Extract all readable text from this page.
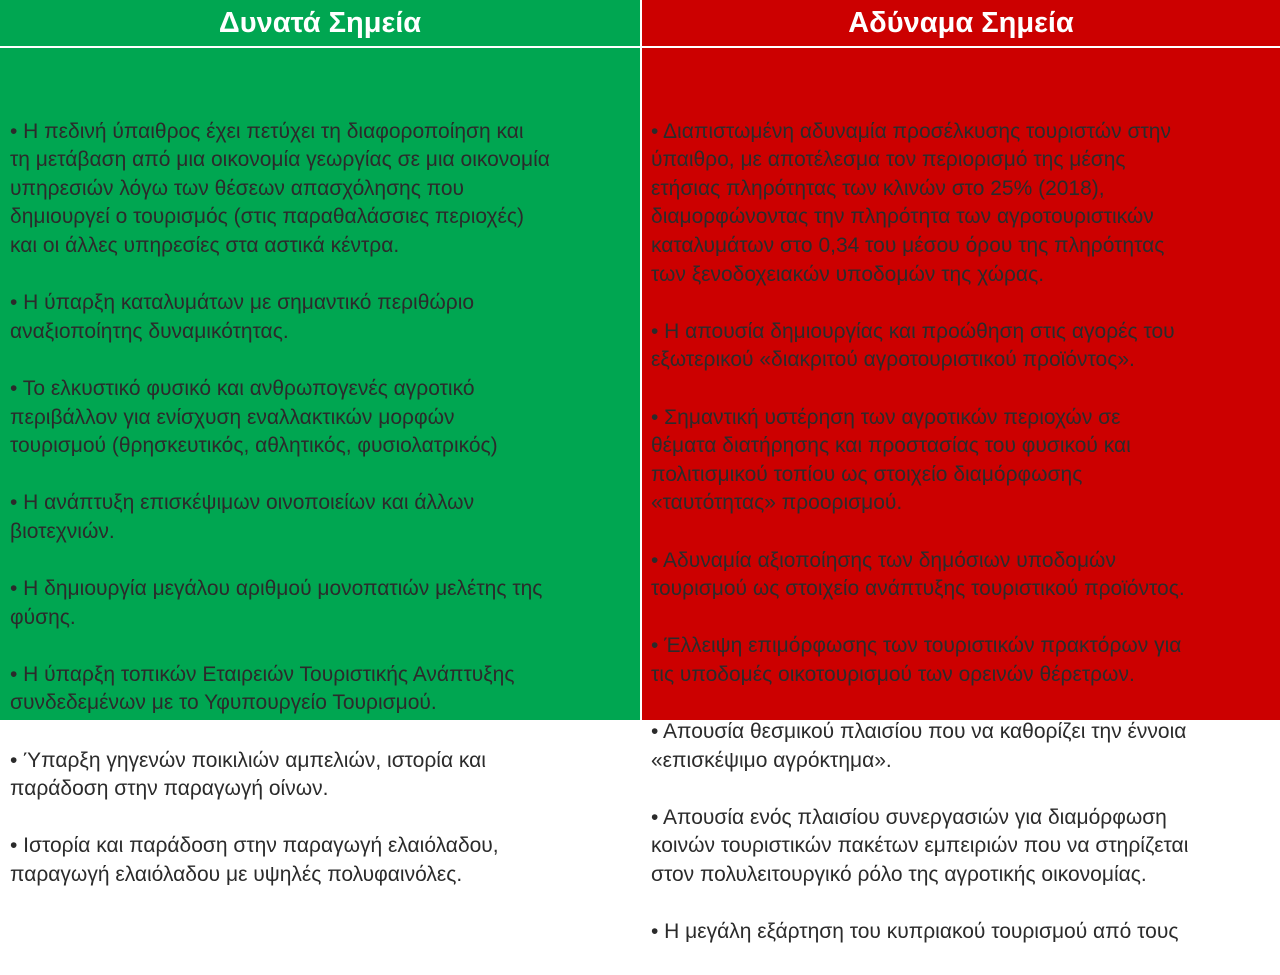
Δυνατά Σημεία	Αδύναμα Σημεία

• Η πεδινή ύπαιθρος έχει πετύχει τη διαφοροποίηση και
τη μετάβαση από μια οικονομία γεωργίας σε μια οικονομία
υπηρεσιών λόγω των θέσεων απασχόλησης που
δημιουργεί ο τουρισμός (στις παραθαλάσσιες περιοχές)
και οι άλλες υπηρεσίες στα αστικά κέντρα.

• Η ύπαρξη καταλυμάτων με σημαντικό περιθώριο
αναξιοποίητης δυναμικότητας.

• Το ελκυστικό φυσικό και ανθρωπογενές αγροτικό
περιβάλλον για ενίσχυση εναλλακτικών μορφών
τουρισμού (θρησκευτικός, αθλητικός, φυσιολατρικός)

• Η ανάπτυξη επισκέψιμων οινοποιείων και άλλων
βιοτεχνιών.

• Η δημιουργία μεγάλου αριθμού μονοπατιών μελέτης της
φύσης.

• Η ύπαρξη τοπικών Εταιρειών Τουριστικής Ανάπτυξης
συνδεδεμένων με το Υφυπουργείο Τουρισμού.

• Ύπαρξη γηγενών ποικιλιών αμπελιών, ιστορία και
παράδοση στην παραγωγή οίνων.

• Ιστορία και παράδοση στην παραγωγή ελαιόλαδου,
παραγωγή ελαιόλαδου με υψηλές πολυφαινόλες.

• Διαπιστωμένη αδυναμία προσέλκυσης τουριστών στην
ύπαιθρο, με αποτέλεσμα τον περιορισμό της μέσης
ετήσιας πληρότητας των κλινών στο 25% (2018),
διαμορφώνοντας την πληρότητα των αγροτουριστικών
καταλυμάτων στο 0,34 του μέσου όρου της πληρότητας
των ξενοδοχειακών υποδομών της χώρας.

• Η απουσία δημιουργίας και προώθηση στις αγορές του
εξωτερικού «διακριτού αγροτουριστικού προϊόντος».

• Σημαντική υστέρηση των αγροτικών περιοχών σε
θέματα διατήρησης και προστασίας του φυσικού και
πολιτισμικού τοπίου ως στοιχείο διαμόρφωσης
«ταυτότητας» προορισμού.

• Αδυναμία αξιοποίησης των δημόσιων υποδομών
τουρισμού ως στοιχείο ανάπτυξης τουριστικού προϊόντος.

• Έλλειψη επιμόρφωσης των τουριστικών πρακτόρων για
τις υποδομές οικοτουρισμού των ορεινών θέρετρων.

• Απουσία θεσμικού πλαισίου που να καθορίζει την έννοια
«επισκέψιμο αγρόκτημα».

• Απουσία ενός πλαισίου συνεργασιών για διαμόρφωση
κοινών τουριστικών πακέτων εμπειριών που να στηρίζεται
στον πολυλειτουργικό ρόλο της αγροτικής οικονομίας.

• Η μεγάλη εξάρτηση του κυπριακού τουρισμού από τους
